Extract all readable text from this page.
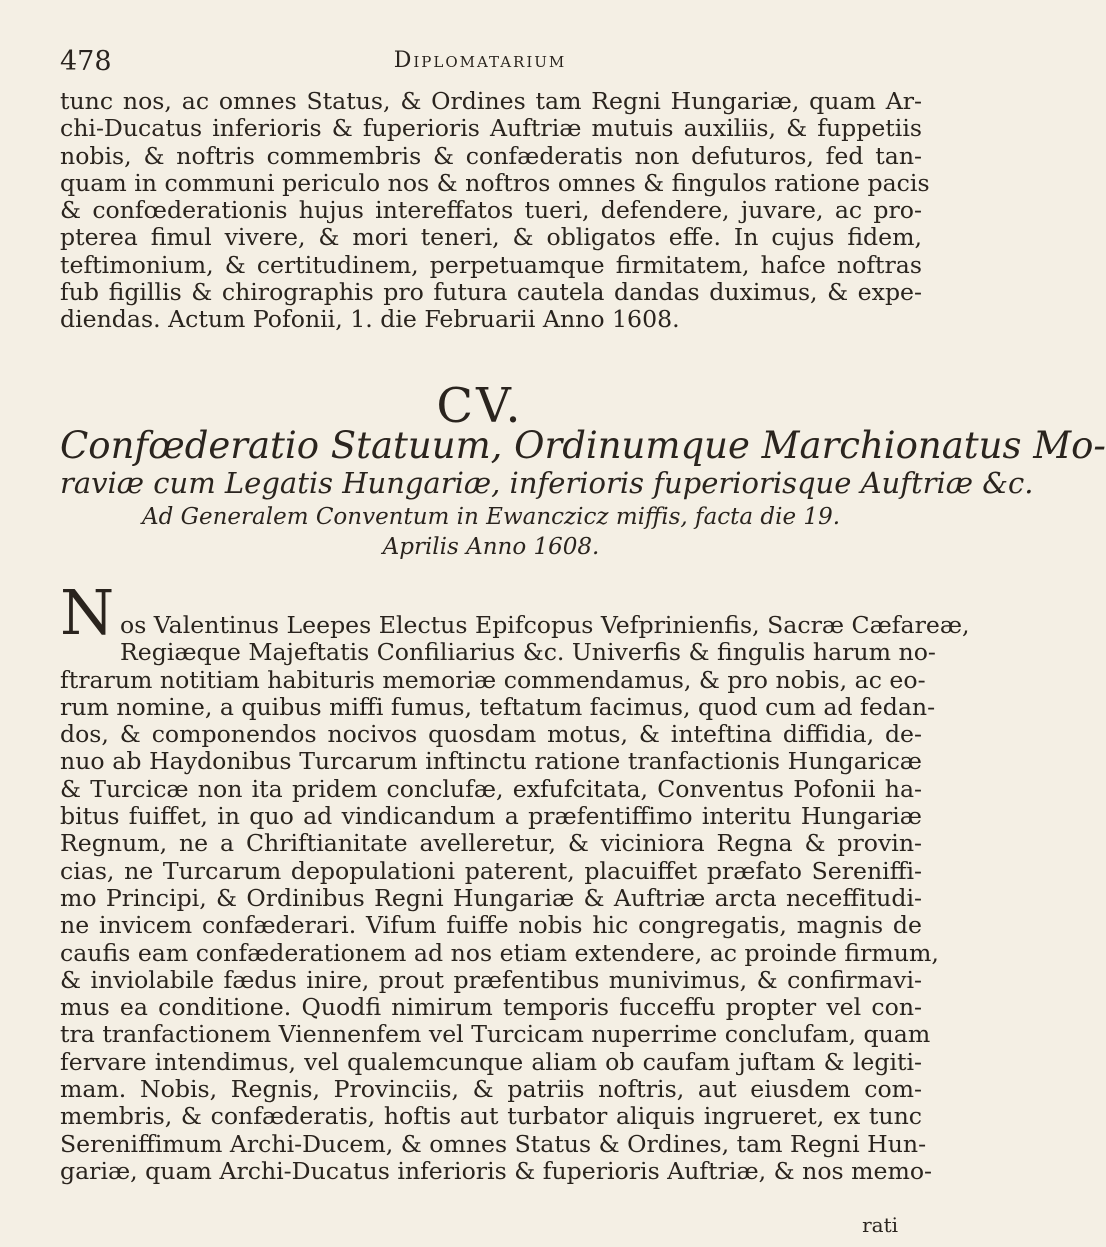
478	Diplomatarium
tunc nos, ac omnes Status, & Ordines tam Regni Hungariæ, quam Ar-
chi-Ducatus inferioris & fuperioris Auftriæ mutuis auxiliis, & fuppetiis
nobis, & noftris commembris & confæderatis non defuturos, fed tan-
quam in communi periculo nos & noftros omnes & fingulos ratione pacis
& confœderationis hujus intereffatos tueri, defendere, juvare, ac pro-
pterea fimul vivere, & mori teneri, & obligatos effe. In cujus fidem,
teftimonium, & certitudinem, perpetuamque firmitatem, hafce noftras
fub figillis & chirographis pro futura cautela dandas duximus, & expe-
diendas. Actum Pofonii, 1. die Februarii Anno 1608.
CV.
Confœderatio Statuum, Ordinumque Marchionatus Mo-
raviæ cum Legatis Hungariæ, inferioris fuperiorisque Auftriæ &c.
Ad Generalem Conventum in Ewanczicz miffis, facta die 19.
Aprilis Anno 1608.
N os Valentinus Leepes Electus Epifcopus Vefprinienfis, Sacræ Cæfareæ,
Regiæque Majeftatis Confiliarius &c. Univerfis & fingulis harum no-
ftrarum notitiam habituris memoriæ commendamus, & pro nobis, ac eo-
rum nomine, a quibus miffi fumus, teftatum facimus, quod cum ad fedan-
dos, & componendos nocivos quosdam motus, & inteftina diffidia, de-
nuo ab Haydonibus Turcarum inftinctu ratione tranfactionis Hungaricæ
& Turcicæ non ita pridem conclufæ, exfufcitata, Conventus Pofonii ha-
bitus fuiffet, in quo ad vindicandum a præfentiffimo interitu Hungariæ
Regnum, ne a Chriftianitate avelleretur, & viciniora Regna & provin-
cias, ne Turcarum depopulationi paterent, placuiffet præfato Sereniffi-
mo Principi, & Ordinibus Regni Hungariæ & Auftriæ arcta neceffitudi-
ne invicem confæderari. Vifum fuiffe nobis hic congregatis, magnis de
caufis eam confæderationem ad nos etiam extendere, ac proinde firmum,
& inviolabile fædus inire, prout præfentibus munivimus, & confirmavi-
mus ea conditione. Quodfi nimirum temporis fucceffu propter vel con-
tra tranfactionem Viennenfem vel Turcicam nuperrime conclufam, quam
fervare intendimus, vel qualemcunque aliam ob caufam juftam & legiti-
mam. Nobis, Regnis, Provinciis, & patriis noftris, aut eiusdem com-
membris, & confæderatis, hoftis aut turbator aliquis ingrueret, ex tunc
Sereniffimum Archi-Ducem, & omnes Status & Ordines, tam Regni Hun-
gariæ, quam Archi-Ducatus inferioris & fuperioris Auftriæ, & nos memo-
rati
